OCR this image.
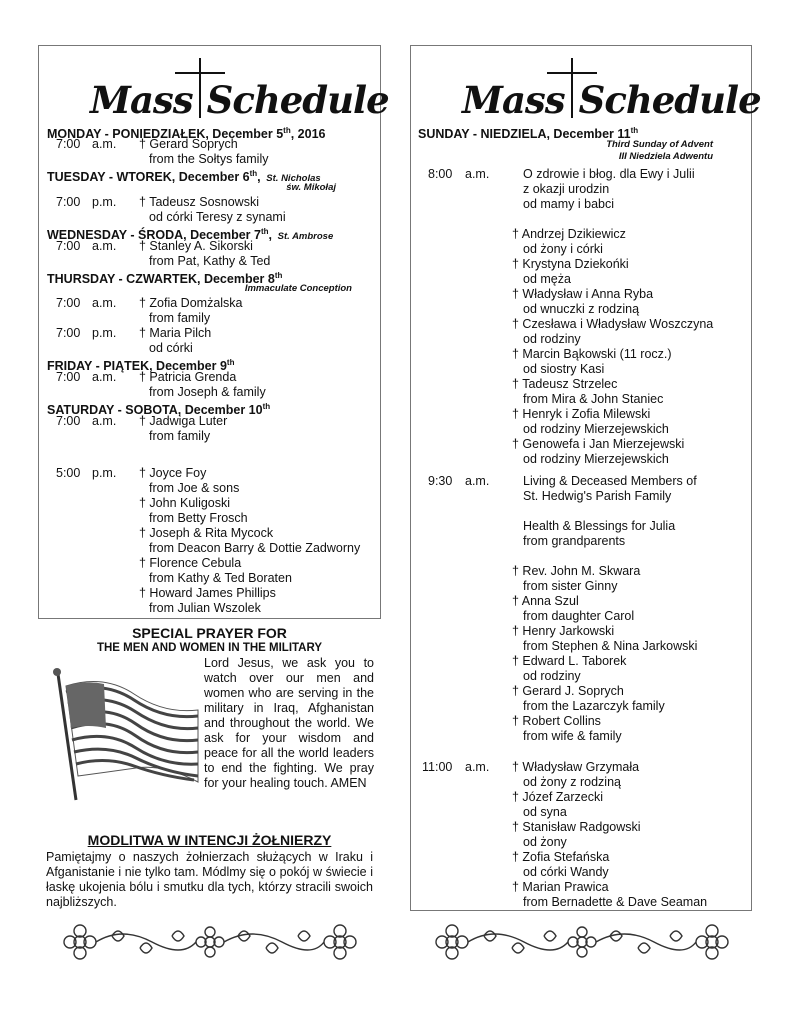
Mass Schedule
MONDAY - PONIEDZIAŁEK, December 5th, 2016
7:00 a.m. † Gerard Soprych
from the Sołtys family
TUESDAY - WTOREK, December 6th, St. Nicholas
św. Mikołaj
7:00 p.m. † Tadeusz Sosnowski
od córki Teresy z synami
WEDNESDAY - ŚRODA, December 7th, St. Ambrose
7:00 a.m. † Stanley A. Sikorski
from Pat, Kathy & Ted
THURSDAY - CZWARTEK, December 8th
Immaculate Conception
7:00 a.m. † Zofia Domżalska
from family
7:00 p.m. † Maria Pilch
od córki
FRIDAY - PIĄTEK, December 9th
7:00 a.m. † Patricia Grenda
from Joseph & family
SATURDAY - SOBOTA, December 10th
7:00 a.m. † Jadwiga Luter
from family
5:00 p.m. † Joyce Foy
from Joe & sons
† John Kuligoski
from Betty Frosch
† Joseph & Rita Mycock
from Deacon Barry & Dottie Zadworny
† Florence Cebula
from Kathy & Ted Boraten
† Howard James Phillips
from Julian Wszolek
Mass Schedule
SUNDAY - NIEDZIELA, December 11th
Third Sunday of Advent
III Niedziela Adwentu
8:00 a.m.	O zdrowie i błog. dla Ewy i Julii
z okazji urodzin
od mamy i babci
† Andrzej Dzikiewicz
od żony i córki
† Krystyna Dziekońki
od męża
† Władysław i Anna Ryba
od wnuczki z rodziną
† Czesława i Władysław Woszczyna
od rodziny
† Marcin Bąkowski (11 rocz.)
od siostry Kasi
† Tadeusz Strzelec
from Mira & John Staniec
† Henryk i Zofia Milewski
od rodziny Mierzejewskich
† Genowefa i Jan Mierzejewski
od rodziny Mierzejewskich
9:30 a.m.	Living & Deceased Members of
St. Hedwig's Parish Family
Health & Blessings for Julia
from grandparents
† Rev. John M. Skwara
from sister Ginny
† Anna Szul
from daughter Carol
† Henry Jarkowski
from Stephen & Nina Jarkowski
† Edward L. Taborek
od rodziny
† Gerard J. Soprych
from the Lazarczyk family
† Robert Collins
from wife & family
11:00 a.m. † Władysław Grzymała
od żony z rodziną
† Józef Zarzecki
od syna
† Stanisław Radgowski
od żony
† Zofia Stefańska
od córki Wandy
† Marian Prawica
from Bernadette & Dave Seaman
SPECIAL PRAYER FOR
THE MEN AND WOMEN IN THE MILITARY
Lord Jesus, we ask you to watch over our men and women who are serving in the military in Iraq, Afghanistan and throughout the world. We ask for your wisdom and peace for all the world leaders to end the fighting. We pray for your healing touch. AMEN
MODLITWA W INTENCJI ŻOŁNIERZY
Pamiętajmy o naszych żołnierzach służących w Iraku i Afganistanie i nie tylko tam. Módlmy się o pokój w świecie i łaskę ukojenia bólu i smutku dla tych, którzy stracili swoich najbliższych.
